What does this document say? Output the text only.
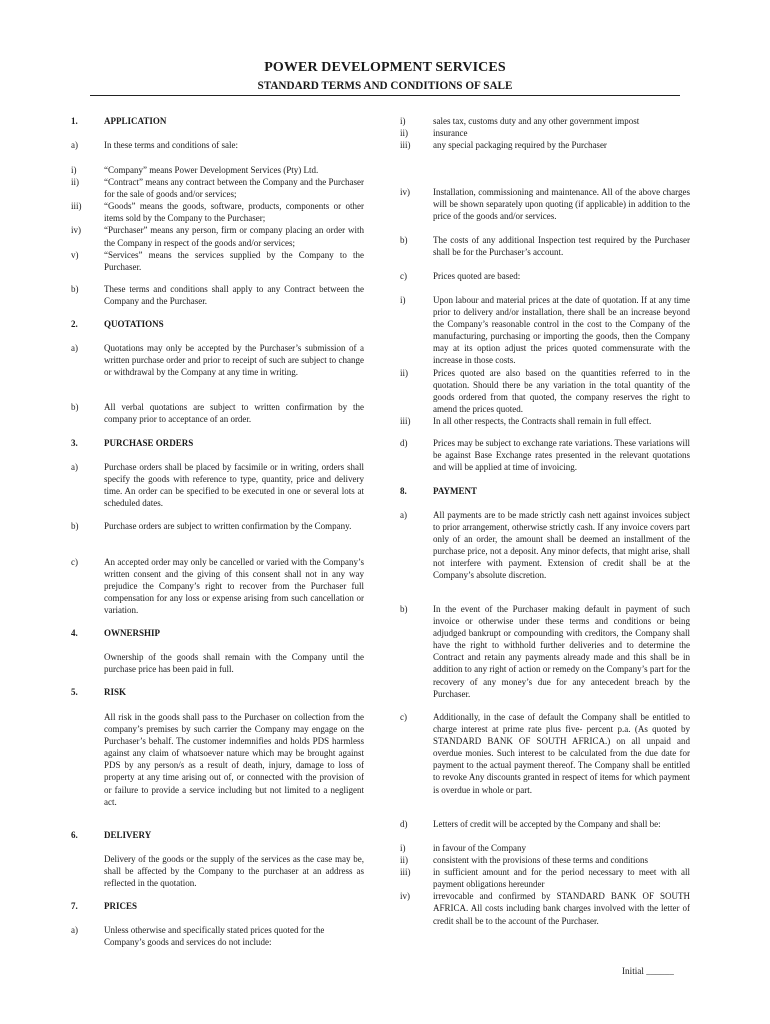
POWER DEVELOPMENT SERVICES
STANDARD TERMS AND CONDITIONS OF SALE
1.	APPLICATION
a)	In these terms and conditions of sale:
i)	“Company” means Power Development Services (Pty) Ltd.
ii)	“Contract” means any contract between the Company and the Purchaser for the sale of goods and/or services;
iii)	“Goods” means the goods, software, products, components or other items sold by the Company to the Purchaser;
iv)	“Purchaser” means any person, firm or company placing an order with the Company in respect of the goods and/or services;
v)	“Services” means the services supplied by the Company to the Purchaser.
b)	These terms and conditions shall apply to any Contract between the Company and the Purchaser.
2.	QUOTATIONS
a)	Quotations may only be accepted by the Purchaser’s submission of a written purchase order and prior to receipt of such are subject to change or withdrawal by the Company at any time in writing.
b)	All verbal quotations are subject to written confirmation by the company prior to acceptance of an order.
3.	PURCHASE ORDERS
a)	Purchase orders shall be placed by facsimile or in writing, orders shall specify the goods with reference to type, quantity, price and delivery time. An order can be specified to be executed in one or several lots at scheduled dates.
b)	Purchase orders are subject to written confirmation by the Company.
c)	An accepted order may only be cancelled or varied with the Company’s written consent and the giving of this consent shall not in any way prejudice the Company’s right to recover from the Purchaser full compensation for any loss or expense arising from such cancellation or variation.
4.	OWNERSHIP
Ownership of the goods shall remain with the Company until the purchase price has been paid in full.
5.	RISK
All risk in the goods shall pass to the Purchaser on collection from the company’s premises by such carrier the Company may engage on the Purchaser’s behalf. The customer indemnifies and holds PDS harmless against any claim of whatsoever nature which may be brought against PDS by any person/s as a result of death, injury, damage to loss of property at any time arising out of, or connected with the provision of or failure to provide a service including but not limited to a negligent act.
6.	DELIVERY
Delivery of the goods or the supply of the services as the case may be, shall be affected by the Company to the purchaser at an address as reflected in the quotation.
7.	PRICES
a)	Unless otherwise and specifically stated prices quoted for the Company’s goods and services do not include:
i)	sales tax, customs duty and any other government impost
ii)	insurance
iii)	any special packaging required by the Purchaser
iv)	Installation, commissioning and maintenance. All of the above charges will be shown separately upon quoting (if applicable) in addition to the price of the goods and/or services.
b)	The costs of any additional Inspection test required by the Purchaser shall be for the Purchaser’s account.
c)	Prices quoted are based:
i)	Upon labour and material prices at the date of quotation. If at any time prior to delivery and/or installation, there shall be an increase beyond the Company’s reasonable control in the cost to the Company of the manufacturing, purchasing or importing the goods, then the Company may at its option adjust the prices quoted commensurate with the increase in those costs.
ii)	Prices quoted are also based on the quantities referred to in the quotation. Should there be any variation in the total quantity of the goods ordered from that quoted, the company reserves the right to amend the prices quoted.
iii)	In all other respects, the Contracts shall remain in full effect.
d)	Prices may be subject to exchange rate variations. These variations will be against Base Exchange rates presented in the relevant quotations and will be applied at time of invoicing.
8.	PAYMENT
a)	All payments are to be made strictly cash nett against invoices subject to prior arrangement, otherwise strictly cash. If any invoice covers part only of an order, the amount shall be deemed an installment of the purchase price, not a deposit. Any minor defects, that might arise, shall not interfere with payment. Extension of credit shall be at the Company’s absolute discretion.
b)	In the event of the Purchaser making default in payment of such invoice or otherwise under these terms and conditions or being adjudged bankrupt or compounding with creditors, the Company shall have the right to withhold further deliveries and to determine the Contract and retain any payments already made and this shall be in addition to any right of action or remedy on the Company’s part for the recovery of any money’s due for any antecedent breach by the Purchaser.
c)	Additionally, in the case of default the Company shall be entitled to charge interest at prime rate plus five- percent p.a. (As quoted by STANDARD BANK OF SOUTH AFRICA.) on all unpaid and overdue monies. Such interest to be calculated from the due date for payment to the actual payment thereof. The Company shall be entitled to revoke Any discounts granted in respect of items for which payment is overdue in whole or part.
d)	Letters of credit will be accepted by the Company and shall be:
i)	in favour of the Company
ii)	consistent with the provisions of these terms and conditions
iii)	in sufficient amount and for the period necessary to meet with all payment obligations hereunder
iv)	irrevocable and confirmed by STANDARD BANK OF SOUTH AFRICA. All costs including bank charges involved with the letter of credit shall be to the account of the Purchaser.
Initial ______
